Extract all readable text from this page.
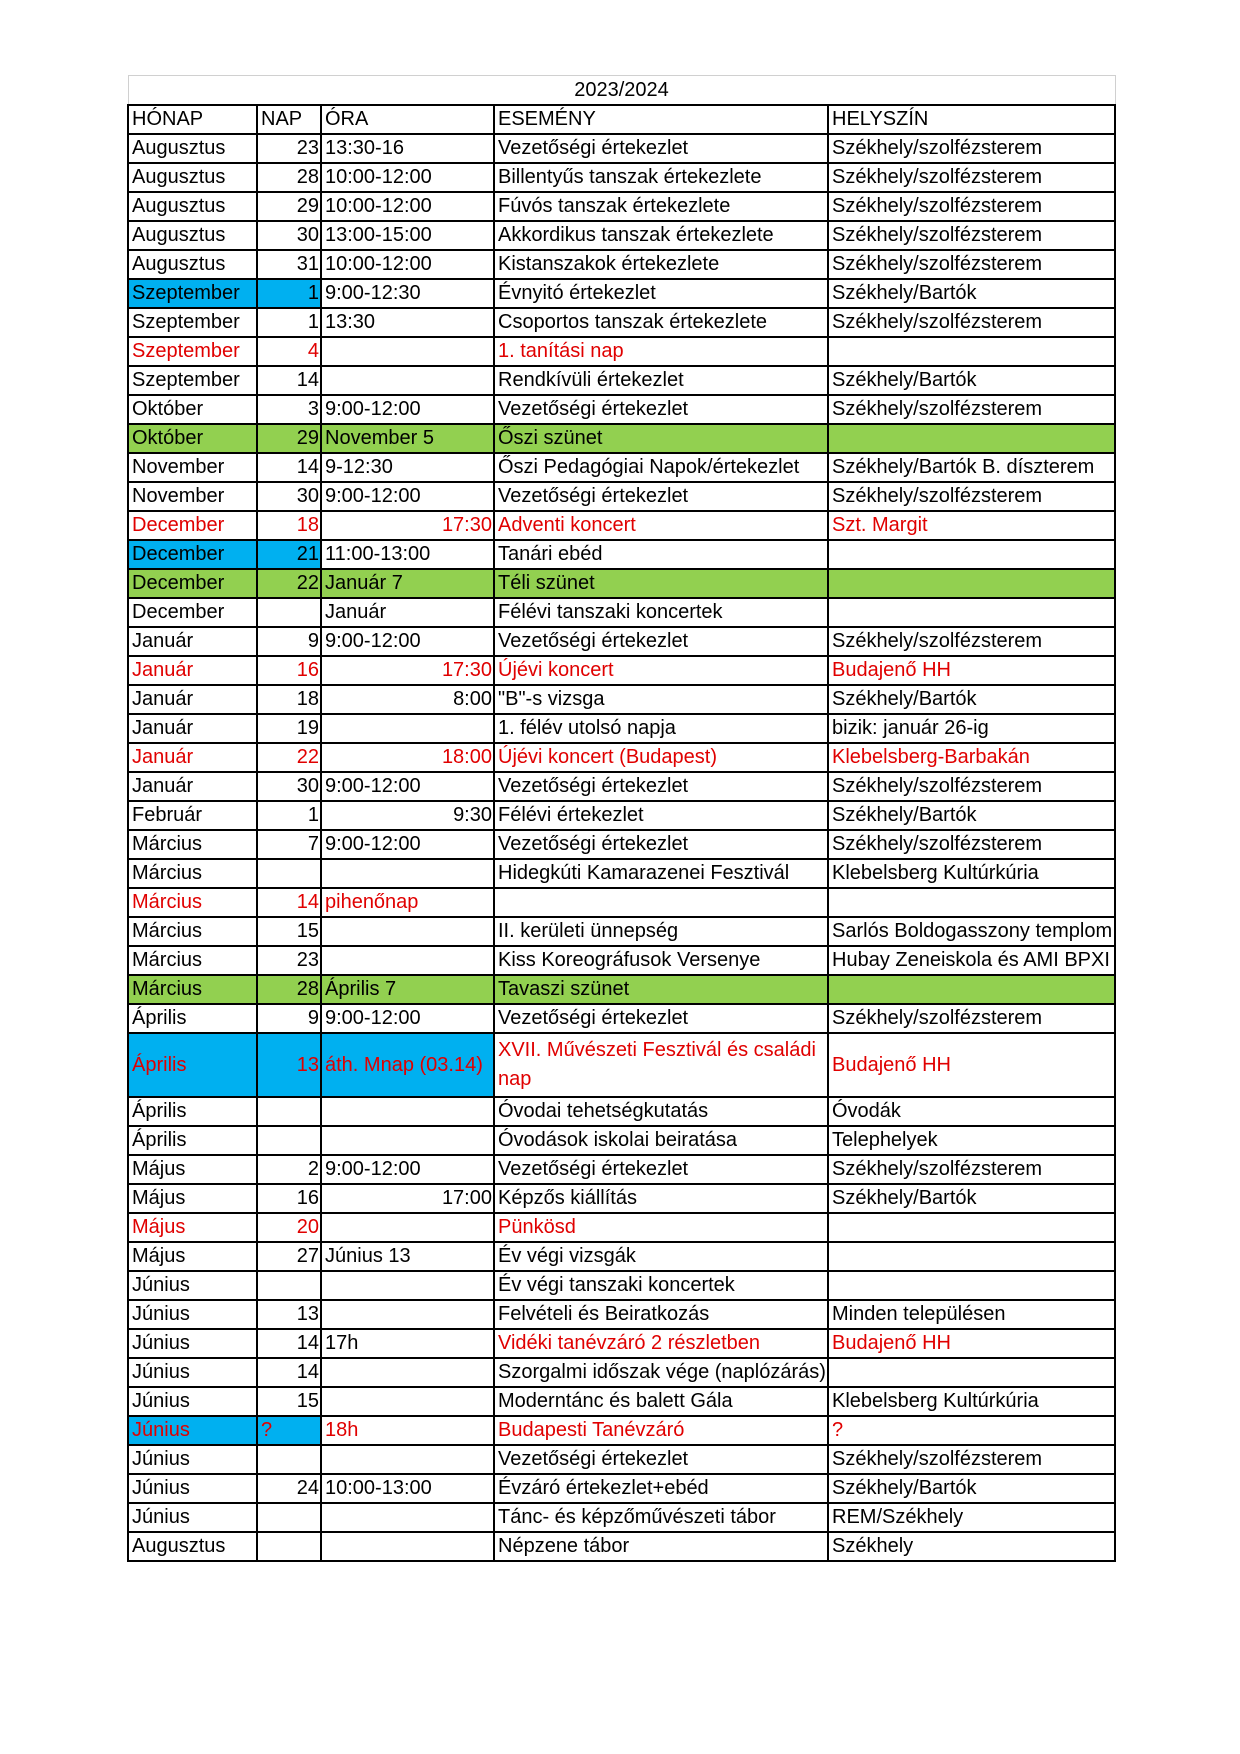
2023/2024				
HÓNAP	NAP	ÓRA	ESEMÉNY	HELYSZÍN
Augusztus	23	13:30-16	Vezetőségi értekezlet	Székhely/szolfézsterem
Augusztus	28	10:00-12:00	Billentyűs tanszak értekezlete	Székhely/szolfézsterem
Augusztus	29	10:00-12:00	Fúvós tanszak értekezlete	Székhely/szolfézsterem
Augusztus	30	13:00-15:00	Akkordikus tanszak értekezlete	Székhely/szolfézsterem
Augusztus	31	10:00-12:00	Kistanszakok értekezlete	Székhely/szolfézsterem
Szeptember	1	9:00-12:30	Évnyitó értekezlet	Székhely/Bartók
Szeptember	1	13:30	Csoportos tanszak értekezlete	Székhely/szolfézsterem
Szeptember	4		1. tanítási nap	
Szeptember	14		Rendkívüli értekezlet	Székhely/Bartók
Október	3	9:00-12:00	Vezetőségi értekezlet	Székhely/szolfézsterem
Október	29	November 5	Őszi szünet	
November	14	9-12:30	Őszi Pedagógiai Napok/értekezlet	Székhely/Bartók B. díszterem
November	30	9:00-12:00	Vezetőségi értekezlet	Székhely/szolfézsterem
December	18	17:30	Adventi koncert	Szt. Margit
December	21	11:00-13:00	Tanári ebéd	
December	22	Január 7	Téli szünet	
December		Január	Félévi tanszaki koncertek	
Január	9	9:00-12:00	Vezetőségi értekezlet	Székhely/szolfézsterem
Január	16	17:30	Újévi koncert	Budajenő HH
Január	18	8:00	"B"-s vizsga	Székhely/Bartók
Január	19		1. félév utolsó napja	bizik: január 26-ig
Január	22	18:00	Újévi koncert (Budapest)	Klebelsberg-Barbakán
Január	30	9:00-12:00	Vezetőségi értekezlet	Székhely/szolfézsterem
Február	1	9:30	Félévi értekezlet	Székhely/Bartók
Március	7	9:00-12:00	Vezetőségi értekezlet	Székhely/szolfézsterem
Március			Hidegkúti Kamarazenei Fesztivál	Klebelsberg Kultúrkúria
Március	14	pihenőnap		
Március	15		II. kerületi ünnepség	Sarlós Boldogasszony templom
Március	23		Kiss Koreográfusok Versenye	Hubay Zeneiskola és AMI BPXI
Március	28	Április 7	Tavaszi szünet	
Április	9	9:00-12:00	Vezetőségi értekezlet	Székhely/szolfézsterem
Április	13	áth. Mnap (03.14)	XVII. Művészeti Fesztivál és családi nap	Budajenő HH
Április			Óvodai tehetségkutatás	Óvodák
Április			Óvodások iskolai beiratása	Telephelyek
Május	2	9:00-12:00	Vezetőségi értekezlet	Székhely/szolfézsterem
Május	16	17:00	Képzős kiállítás	Székhely/Bartók
Május	20		Pünkösd	
Május	27	Június 13	Év végi vizsgák	
Június			Év végi tanszaki koncertek	
Június	13		Felvételi és Beiratkozás	Minden településen
Június	14	17h	Vidéki tanévzáró 2 részletben	Budajenő HH
Június	14		Szorgalmi időszak vége (naplózárás)	
Június	15		Moderntánc és balett Gála	Klebelsberg Kultúrkúria
Június	?	18h	Budapesti Tanévzáró	?
Június			Vezetőségi értekezlet	Székhely/szolfézsterem
Június	24	10:00-13:00	Évzáró értekezlet+ebéd	Székhely/Bartók
Június			Tánc- és képzőművészeti tábor	REM/Székhely
Augusztus			Népzene tábor	Székhely
